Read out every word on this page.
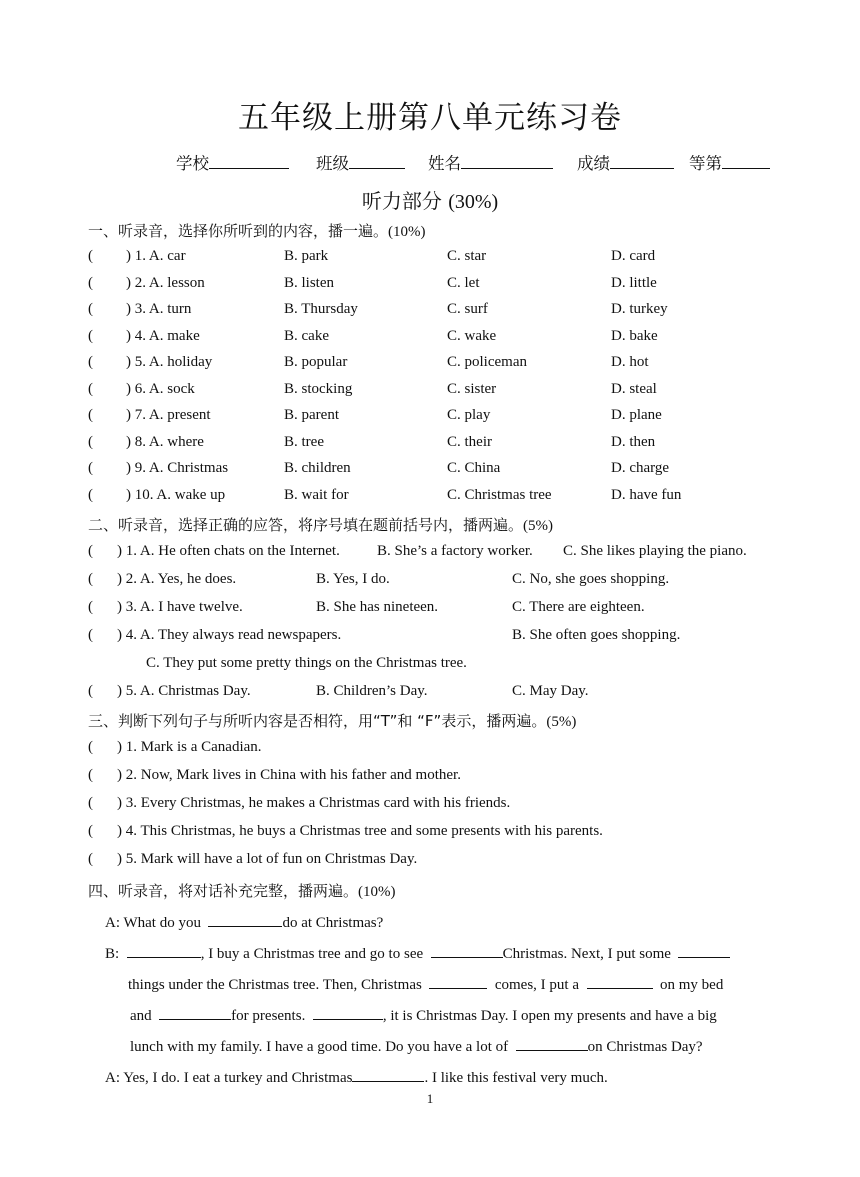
五年级上册第八单元练习卷
学校	班级	姓名	成绩	等第
听力部分 (30%)
一、听录音，选择你所听到的内容，播一遍。(10%)
( ) 1. A. car	B. park	C. star	D. card
( ) 2. A. lesson	B. listen	C. let	D. little
( ) 3. A. turn	B. Thursday	C. surf	D. turkey
( ) 4. A. make	B. cake	C. wake	D. bake
( ) 5. A. holiday	B. popular	C. policeman	D. hot
( ) 6. A. sock	B. stocking	C. sister	D. steal
( ) 7. A. present	B. parent	C. play	D. plane
( ) 8. A. where	B. tree	C. their	D. then
( ) 9. A. Christmas	B. children	C. China	D. charge
( ) 10. A. wake up	B. wait for	C. Christmas tree	D. have fun
二、听录音，选择正确的应答，将序号填在题前括号内，播两遍。(5%)
( ) 1. A. He often chats on the Internet. B. She’s a factory worker. C. She likes playing the piano.
( ) 2. A. Yes, he does.	B. Yes, I do.	C. No, she goes shopping.
( ) 3. A. I have twelve.	B. She has nineteen.	C. There are eighteen.
( ) 4. A. They always read newspapers.	B. She often goes shopping.
C. They put some pretty things on the Christmas tree.
( ) 5. A. Christmas Day.	B. Children’s Day.	C. May Day.
三、判断下列句子与所听内容是否相符，用“T”和 “F”表示，播两遍。(5%)
( ) 1. Mark is a Canadian.
( ) 2. Now, Mark lives in China with his father and mother.
( ) 3. Every Christmas, he makes a Christmas card with his friends.
( ) 4. This Christmas, he buys a Christmas tree and some presents with his parents.
( ) 5. Mark will have a lot of fun on Christmas Day.
四、听录音，将对话补充完整，播两遍。(10%)
A: What do you	do at Christmas?
B:	, I buy a Christmas tree and go to see	Christmas. Next, I put some
things under the Christmas tree. Then, Christmas	comes, I put a	on my bed
and	for presents.	, it is Christmas Day. I open my presents and have a big
lunch with my family. I have a good time. Do you have a lot of	on Christmas Day?
A: Yes, I do. I eat a turkey and Christmas	. I like this festival very much.
1
